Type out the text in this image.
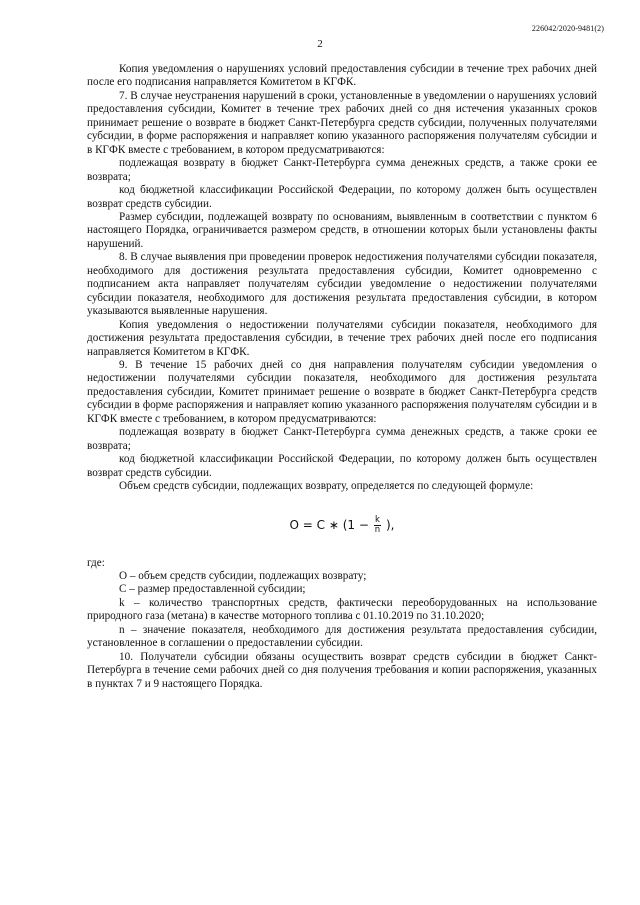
226042/2020-9481(2)
2

Копия уведомления о нарушениях условий предоставления субсидии в течение трех рабочих дней после его подписания направляется Комитетом в КГФК.

7. В случае неустранения нарушений в сроки, установленные в уведомлении о нарушениях условий предоставления субсидии, Комитет в течение трех рабочих дней со дня истечения указанных сроков принимает решение о возврате в бюджет Санкт-Петербурга средств субсидии, полученных получателями субсидии, в форме распоряжения и направляет копию указанного распоряжения получателям субсидии и в КГФК вместе с требованием, в котором предусматриваются:

подлежащая возврату в бюджет Санкт-Петербурга сумма денежных средств, а также сроки ее возврата;

код бюджетной классификации Российской Федерации, по которому должен быть осуществлен возврат средств субсидии.

Размер субсидии, подлежащей возврату по основаниям, выявленным в соответствии с пунктом 6 настоящего Порядка, ограничивается размером средств, в отношении которых были установлены факты нарушений.

8. В случае выявления при проведении проверок недостижения получателями субсидии показателя, необходимого для достижения результата предоставления субсидии, Комитет одновременно с подписанием акта направляет получателям субсидии уведомление о недостижении получателями субсидии показателя, необходимого для достижения результата предоставления субсидии, в котором указываются выявленные нарушения.

Копия уведомления о недостижении получателями субсидии показателя, необходимого для достижения результата предоставления субсидии, в течение трех рабочих дней после его подписания направляется Комитетом в КГФК.

9. В течение 15 рабочих дней со дня направления получателям субсидии уведомления о недостижении получателями субсидии показателя, необходимого для достижения результата предоставления субсидии, Комитет принимает решение о возврате в бюджет Санкт-Петербурга средств субсидии в форме распоряжения и направляет копию указанного распоряжения получателям субсидии и в КГФК вместе с требованием, в котором предусматриваются:

подлежащая возврату в бюджет Санкт-Петербурга сумма денежных средств, а также сроки ее возврата;

код бюджетной классификации Российской Федерации, по которому должен быть осуществлен возврат средств субсидии.

Объем средств субсидии, подлежащих возврату, определяется по следующей формуле:

O = C ∗ ($1 - \frac{k}{n}$ ),

где:

O – объем средств субсидии, подлежащих возврату;

C – размер предоставленной субсидии;

k – количество транспортных средств, фактически переоборудованных на использование природного газа (метана) в качестве моторного топлива с 01.10.2019 по 31.10.2020;

n – значение показателя, необходимого для достижения результата предоставления субсидии, установленное в соглашении о предоставлении субсидии.

10. Получатели субсидии обязаны осуществить возврат средств субсидии в бюджет Санкт-Петербурга в течение семи рабочих дней со дня получения требования и копии распоряжения, указанных в пунктах 7 и 9 настоящего Порядка.
